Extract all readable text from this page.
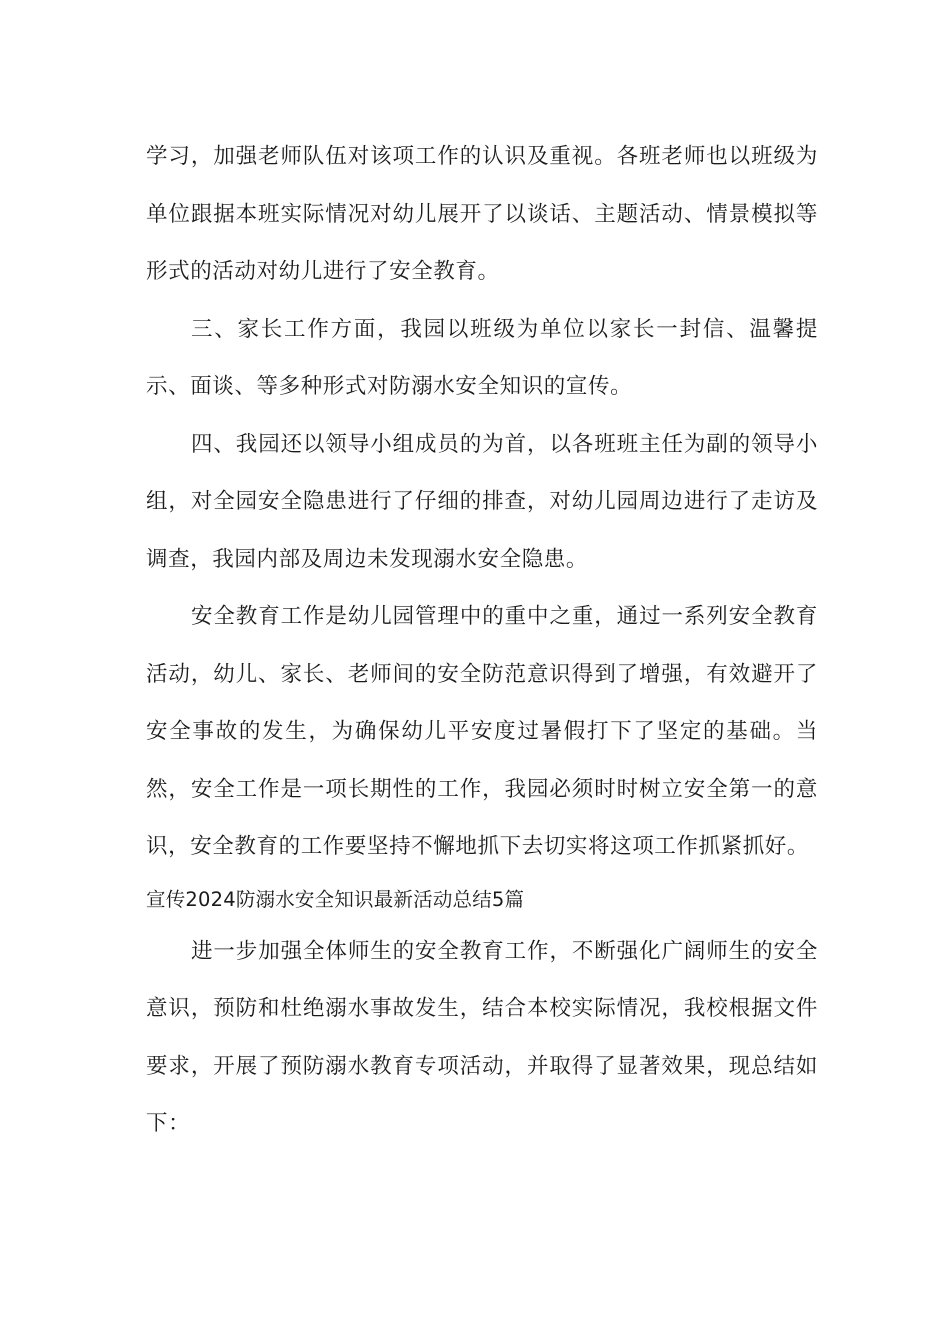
学习，加强老师队伍对该项工作的认识及重视。各班老师也以班级为单位跟据本班实际情况对幼儿展开了以谈话、主题活动、情景模拟等形式的活动对幼儿进行了安全教育。

三、家长工作方面，我园以班级为单位以家长一封信、温馨提示、面谈、等多种形式对防溺水安全知识的宣传。

四、我园还以领导小组成员的为首，以各班班主任为副的领导小组，对全园安全隐患进行了仔细的排查，对幼儿园周边进行了走访及调查，我园内部及周边未发现溺水安全隐患。

安全教育工作是幼儿园管理中的重中之重，通过一系列安全教育活动，幼儿、家长、老师间的安全防范意识得到了增强，有效避开了安全事故的发生，为确保幼儿平安度过暑假打下了坚定的基础。当然，安全工作是一项长期性的工作，我园必须时时树立安全第一的意识，安全教育的工作要坚持不懈地抓下去切实将这项工作抓紧抓好。

宣传2024防溺水安全知识最新活动总结5篇

进一步加强全体师生的安全教育工作，不断强化广阔师生的安全意识，预防和杜绝溺水事故发生，结合本校实际情况，我校根据文件要求，开展了预防溺水教育专项活动，并取得了显著效果，现总结如下：
